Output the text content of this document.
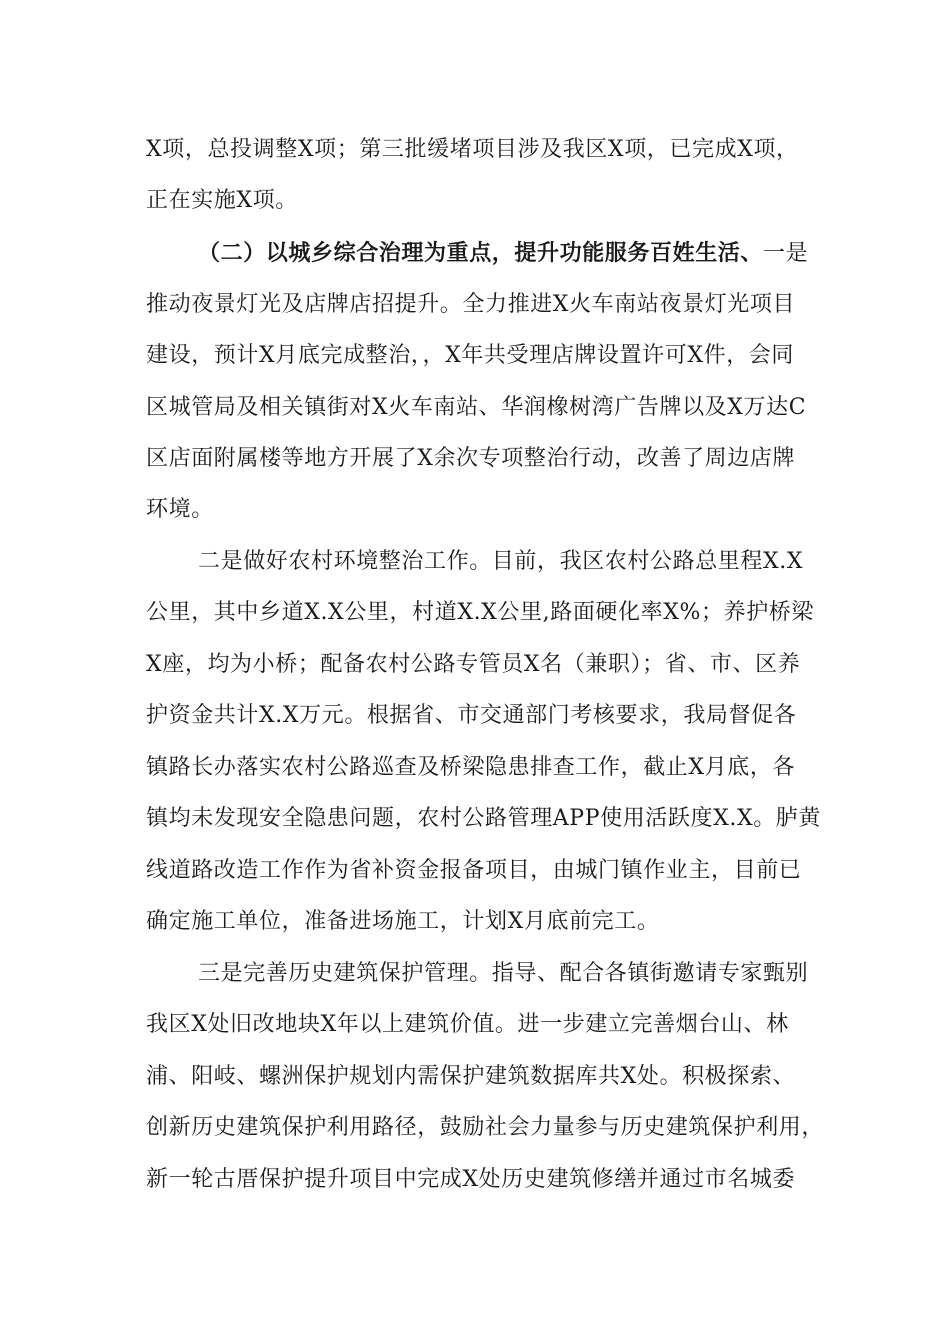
X项，总投调整X项；第三批缓堵项目涉及我区X项，已完成X项，
正在实施X项。
（二）以城乡综合治理为重点，提升功能服务百姓生活、一是
推动夜景灯光及店牌店招提升。全力推进X火车南站夜景灯光项目
建设，预计X月底完成整治，，X年共受理店牌设置许可X件，会同
区城管局及相关镇街对X火车南站、华润橡树湾广告牌以及X万达C
区店面附属楼等地方开展了X余次专项整治行动，改善了周边店牌
环境。
二是做好农村环境整治工作。目前，我区农村公路总里程X.X
公里，其中乡道X.X公里，村道X.X公里,路面硬化率X%；养护桥梁
X座，均为小桥；配备农村公路专管员X名（兼职）；省、市、区养
护资金共计X.X万元。根据省、市交通部门考核要求，我局督促各
镇路长办落实农村公路巡查及桥梁隐患排查工作，截止X月底，各
镇均未发现安全隐患问题，农村公路管理APP使用活跃度X.X。胪黄
线道路改造工作作为省补资金报备项目，由城门镇作业主，目前已
确定施工单位，准备进场施工，计划X月底前完工。
三是完善历史建筑保护管理。指导、配合各镇街邀请专家甄别
我区X处旧改地块X年以上建筑价值。进一步建立完善烟台山、林
浦、阳岐、螺洲保护规划内需保护建筑数据库共X处。积极探索、
创新历史建筑保护利用路径，鼓励社会力量参与历史建筑保护利用，
新一轮古厝保护提升项目中完成X处历史建筑修缮并通过市名城委
